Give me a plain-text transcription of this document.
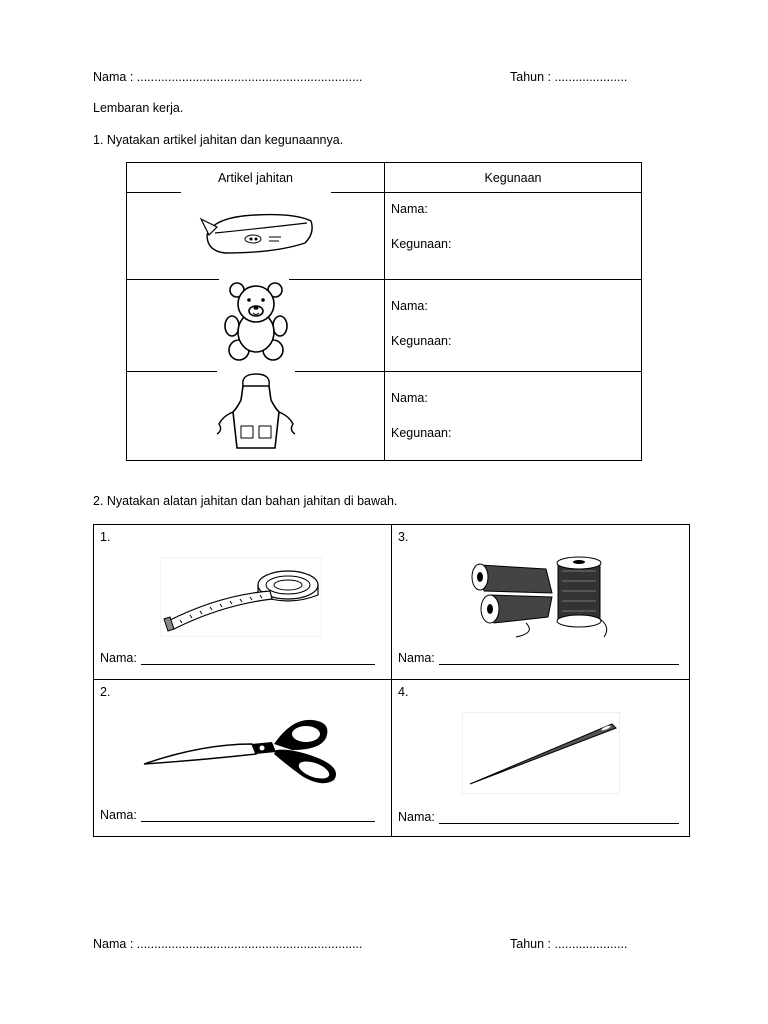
Nama : .................................................................	Tahun : .....................
Lembaran kerja.
1. Nyatakan artikel jahitan dan kegunaannya.
Artikel jahitan	Kegunaan

Nama:
Kegunaan:

Nama:
Kegunaan:

Nama:
Kegunaan:
2. Nyatakan alatan jahitan dan bahan jahitan di bawah.
1.
Nama:	3.
Nama:

2.
Nama:	4.
Nama:
Nama : .................................................................	Tahun : .....................
